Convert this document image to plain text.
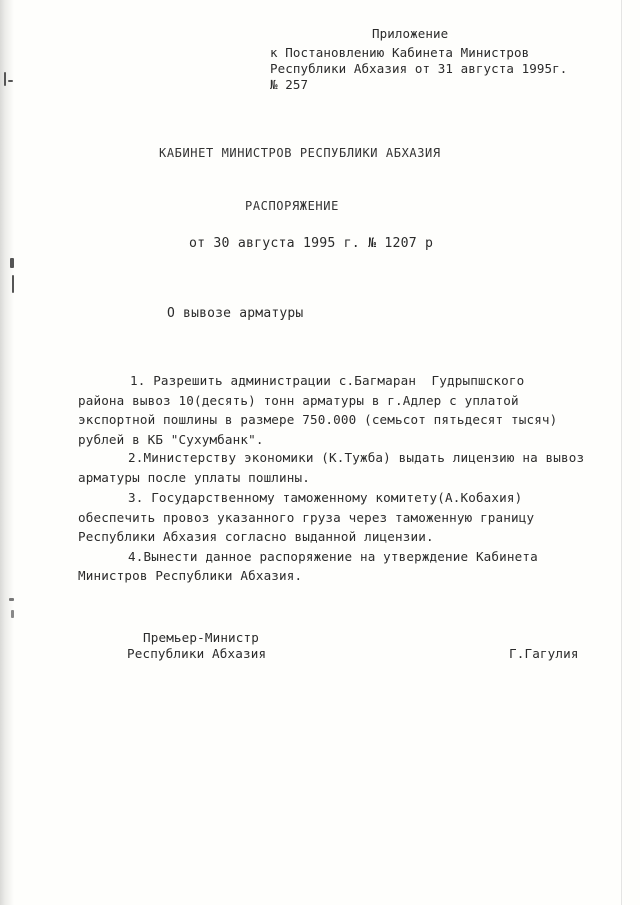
Приложение
к Постановлению Кабинета Министров
Республики Абхазия от 31 августа 1995г.
№ 257
КАБИНЕТ МИНИСТРОВ РЕСПУБЛИКИ АБХАЗИЯ
РАСПОРЯЖЕНИЕ
от 30 августа 1995 г. № 1207 р
О вывозе арматуры
1. Разрешить администрации с.Багмаран  Гудрыпшского
района вывоз 10(десять) тонн арматуры в г.Адлер с уплатой
экспортной пошлины в размере 750.000 (семьсот пятьдесят тысяч)
рублей в КБ "Сухумбанк".
2.Министерству экономики (К.Тужба) выдать лицензию на вывоз
арматуры после уплаты пошлины.
3. Государственному таможенному комитету(А.Кобахия)
обеспечить провоз указанного груза через таможенную границу
Республики Абхазия согласно выданной лицензии.
4.Вынести данное распоряжение на утверждение Кабинета
Министров Республики Абхазия.
Премьер-Министр
Республики Абхазия	Г.Гагулия
